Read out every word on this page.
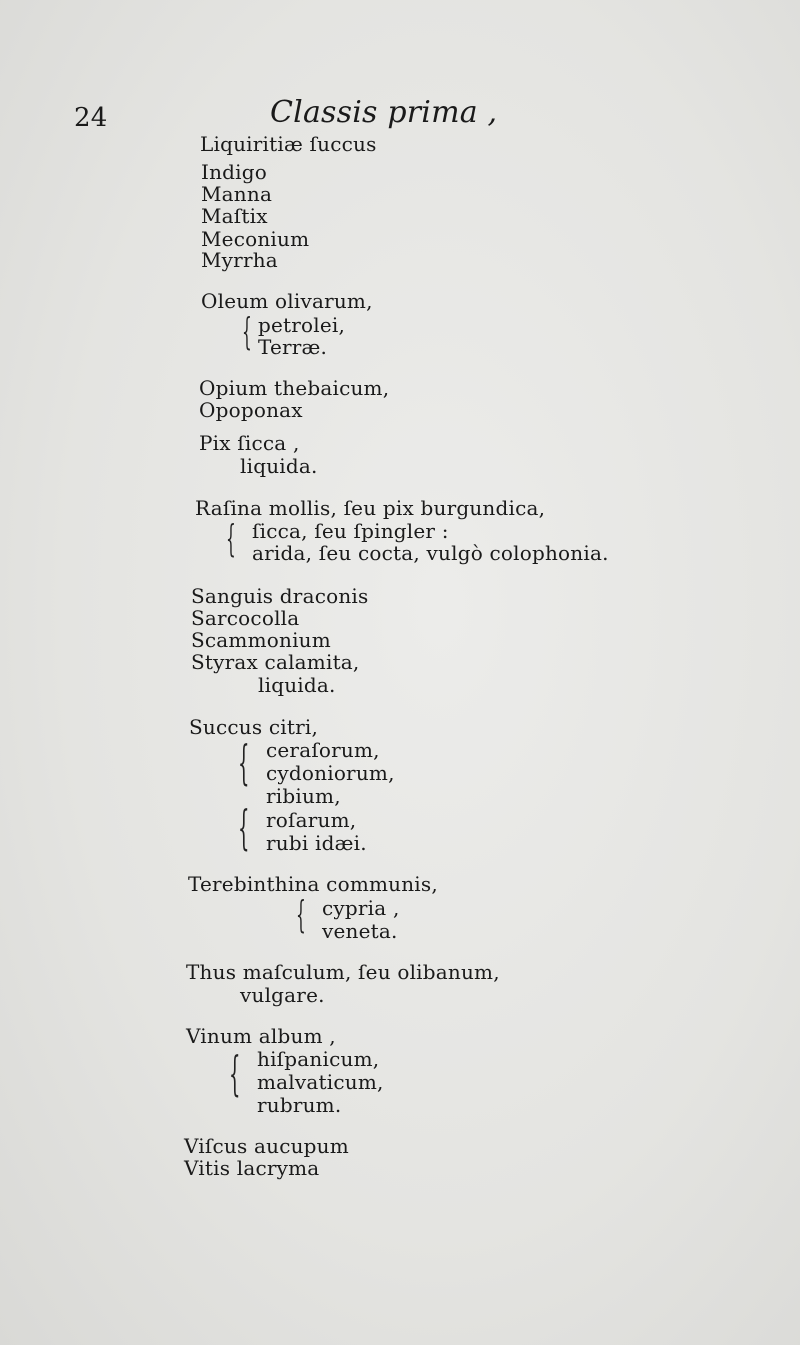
24	Classis prima ,
Liquiritiæ ſuccus
Indigo
Manna
Maſtix
Meconium
Myrrha
Oleum olivarum,
{ petrolei,
Terræ.
Opium thebaicum,
Opoponax
Pix ſicca ,
liquida.
Raſina mollis, ſeu pix burgundica,
{ ſicca, ſeu ſpingler :
arida, ſeu cocta, vulgò colophonia.
Sanguis draconis
Sarcocolla
Scammonium
Styrax calamita,
liquida.
Succus citri,
{ ceraſorum,
cydoniorum,
ribium,
{ roſarum,
rubi idæi.
Terebinthina communis,
{ cypria ,
veneta.
Thus maſculum, ſeu olibanum,
vulgare.
Vinum album ,
{ hiſpanicum,
malvaticum,
rubrum.
Viſcus aucupum
Vitis lacryma
